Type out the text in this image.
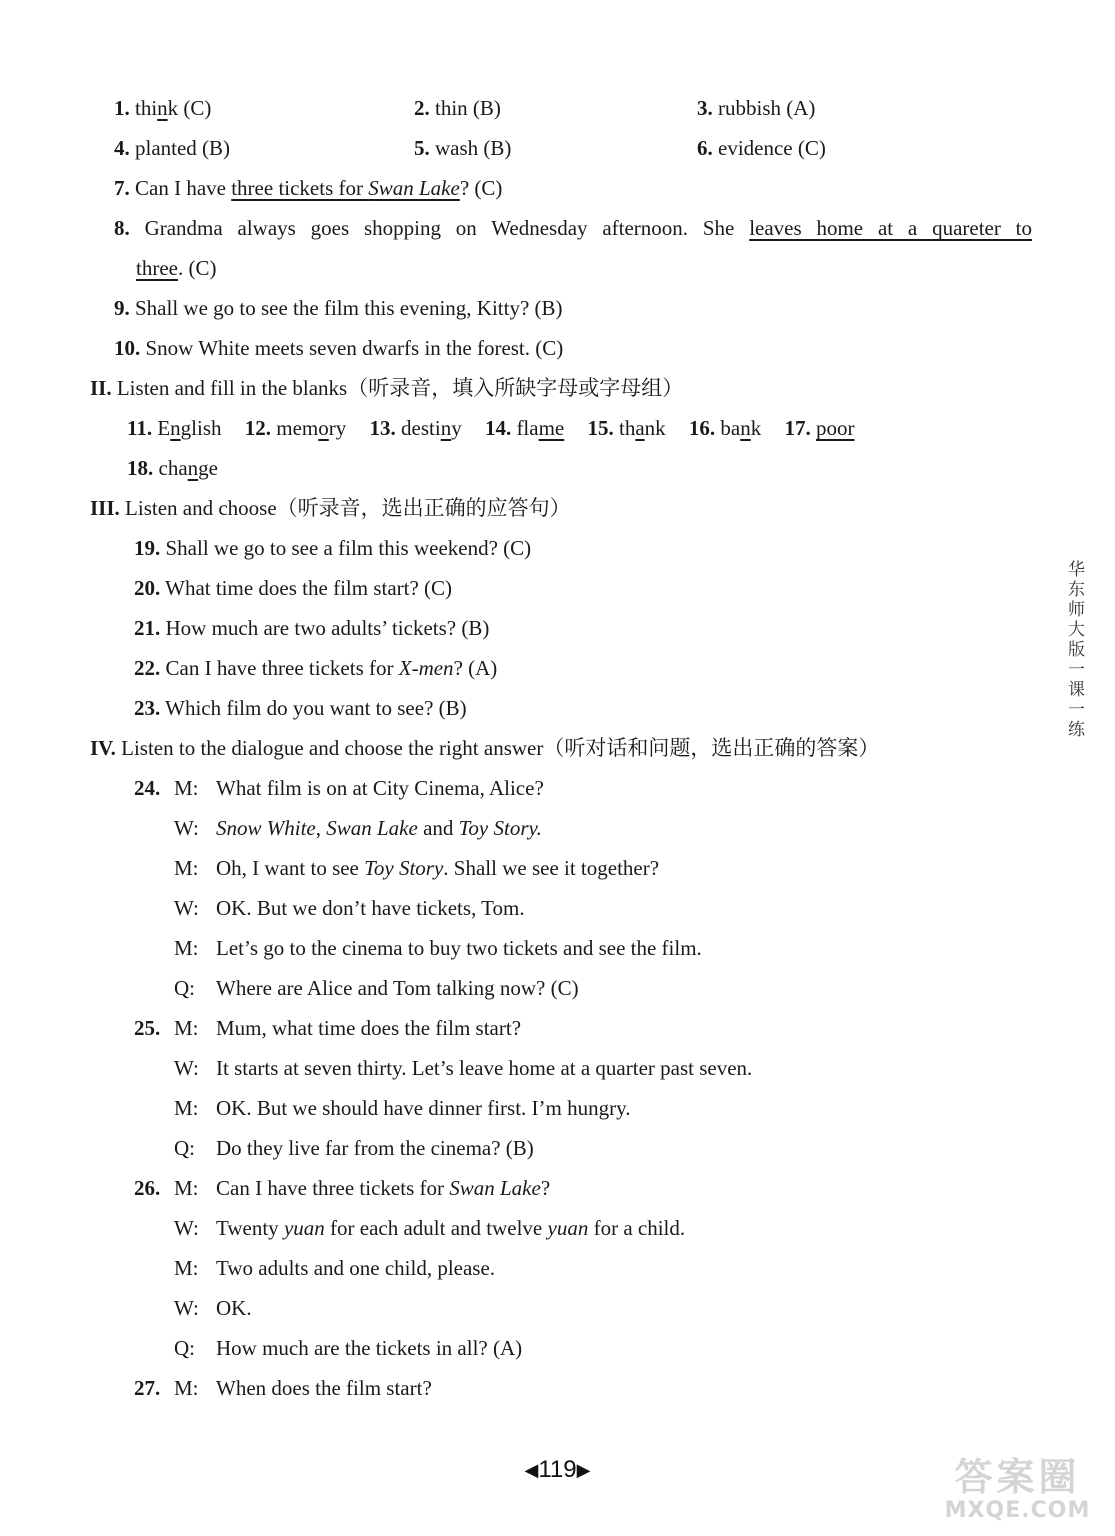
1. think (C)	2. thin (B)	3. rubbish (A)
4. planted (B)	5. wash (B)	6. evidence (C)
7. Can I have three tickets for Swan Lake? (C)
8. Grandma always goes shopping on Wednesday afternoon. She leaves home at a quareter to
three. (C)
9. Shall we go to see the film this evening, Kitty? (B)
10. Snow White meets seven dwarfs in the forest. (C)
II. Listen and fill in the blanks（听录音，填入所缺字母或字母组）
11. English 12. memory 13. destiny 14. flame 15. thank 16. bank 17. poor
18. change
III. Listen and choose（听录音，选出正确的应答句）
19. Shall we go to see a film this weekend? (C)
20. What time does the film start? (C)
21. How much are two adults’ tickets? (B)
22. Can I have three tickets for X-men? (A)
23. Which film do you want to see? (B)
IV. Listen to the dialogue and choose the right answer（听对话和问题，选出正确的答案）
24. M: What film is on at City Cinema, Alice?
W: Snow White, Swan Lake and Toy Story.
M: Oh, I want to see Toy Story. Shall we see it together?
W: OK. But we don’t have tickets, Tom.
M: Let’s go to the cinema to buy two tickets and see the film.
Q: Where are Alice and Tom talking now? (C)
25. M: Mum, what time does the film start?
W: It starts at seven thirty. Let’s leave home at a quarter past seven.
M: OK. But we should have dinner first. I’m hungry.
Q: Do they live far from the cinema? (B)
26. M: Can I have three tickets for Swan Lake?
W: Twenty yuan for each adult and twelve yuan for a child.
M: Two adults and one child, please.
W: OK.
Q: How much are the tickets in all? (A)
27. M: When does the film start?
华东师大版一课一练
◀119▶	答案圈
MXQE.COM
